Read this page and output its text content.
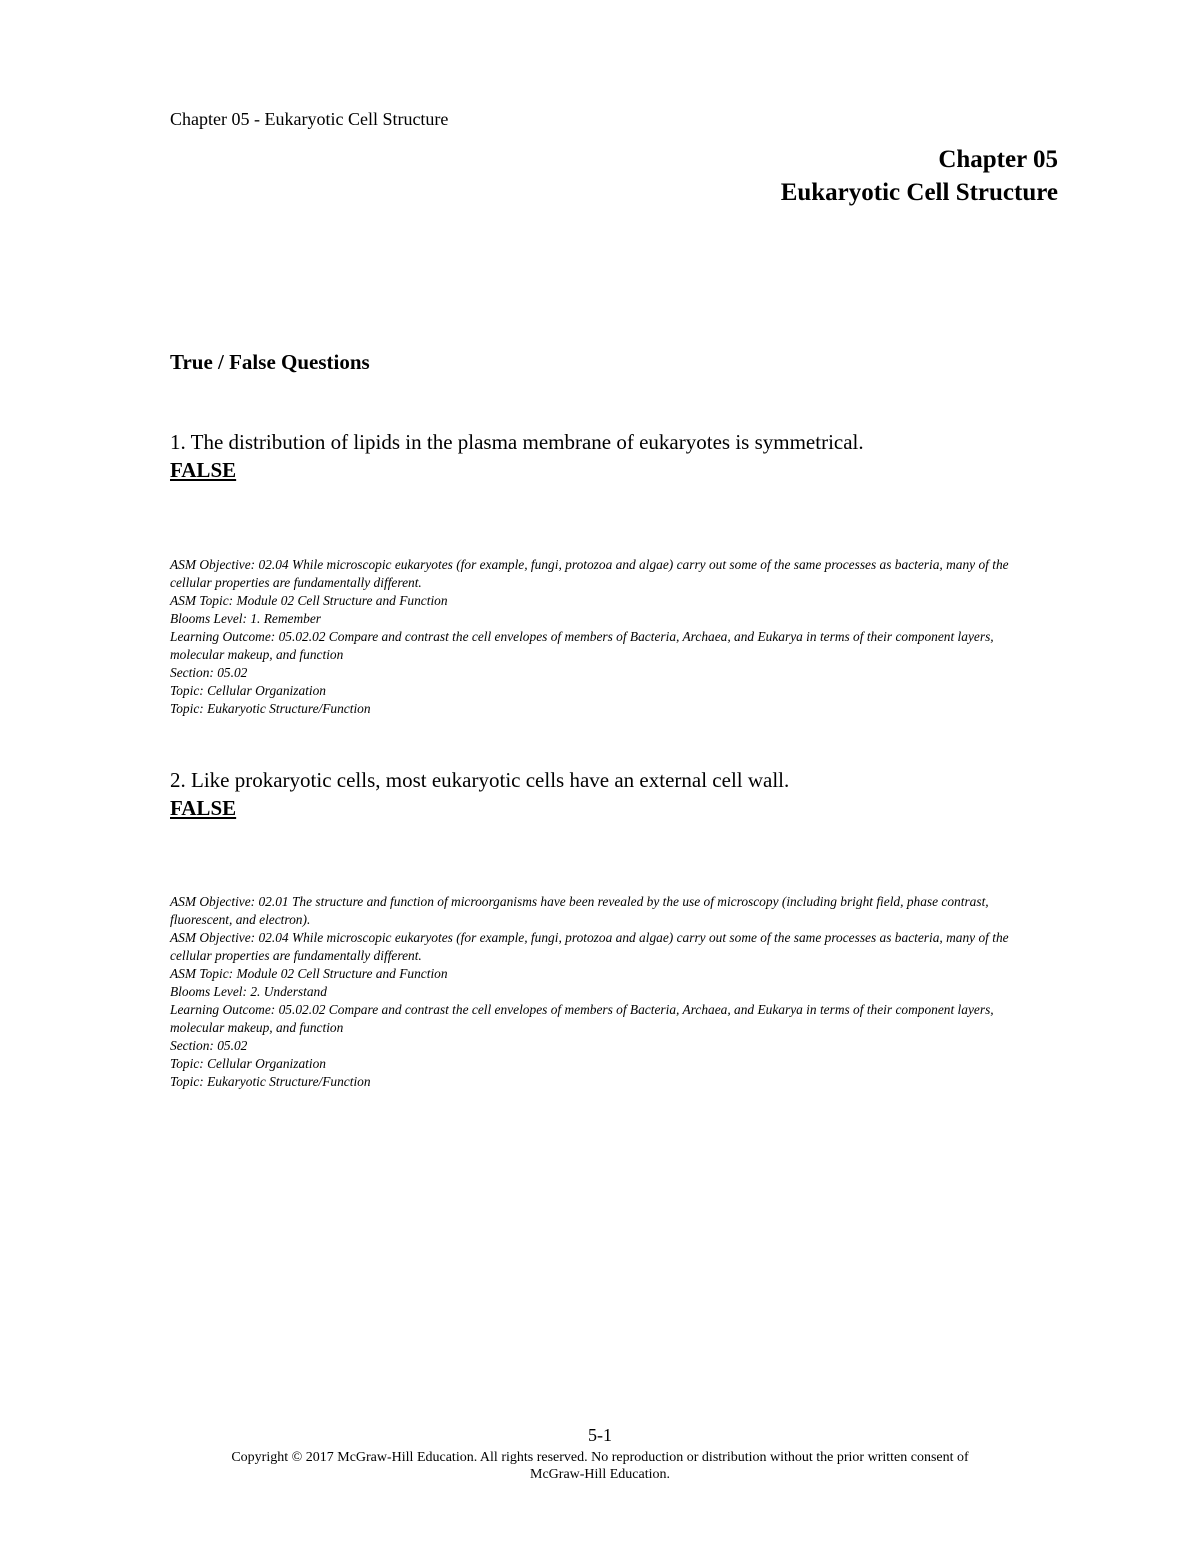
Chapter 05 - Eukaryotic Cell Structure
Chapter 05
Eukaryotic Cell Structure
True / False Questions
1. The distribution of lipids in the plasma membrane of eukaryotes is symmetrical.
FALSE
ASM Objective: 02.04 While microscopic eukaryotes (for example, fungi, protozoa and algae) carry out some of the same processes as bacteria, many of the cellular properties are fundamentally different.
ASM Topic: Module 02 Cell Structure and Function
Blooms Level: 1. Remember
Learning Outcome: 05.02.02 Compare and contrast the cell envelopes of members of Bacteria, Archaea, and Eukarya in terms of their component layers, molecular makeup, and function
Section: 05.02
Topic: Cellular Organization
Topic: Eukaryotic Structure/Function
2. Like prokaryotic cells, most eukaryotic cells have an external cell wall.
FALSE
ASM Objective: 02.01 The structure and function of microorganisms have been revealed by the use of microscopy (including bright field, phase contrast, fluorescent, and electron).
ASM Objective: 02.04 While microscopic eukaryotes (for example, fungi, protozoa and algae) carry out some of the same processes as bacteria, many of the cellular properties are fundamentally different.
ASM Topic: Module 02 Cell Structure and Function
Blooms Level: 2. Understand
Learning Outcome: 05.02.02 Compare and contrast the cell envelopes of members of Bacteria, Archaea, and Eukarya in terms of their component layers, molecular makeup, and function
Section: 05.02
Topic: Cellular Organization
Topic: Eukaryotic Structure/Function
5-1
Copyright © 2017 McGraw-Hill Education. All rights reserved. No reproduction or distribution without the prior written consent of
McGraw-Hill Education.
